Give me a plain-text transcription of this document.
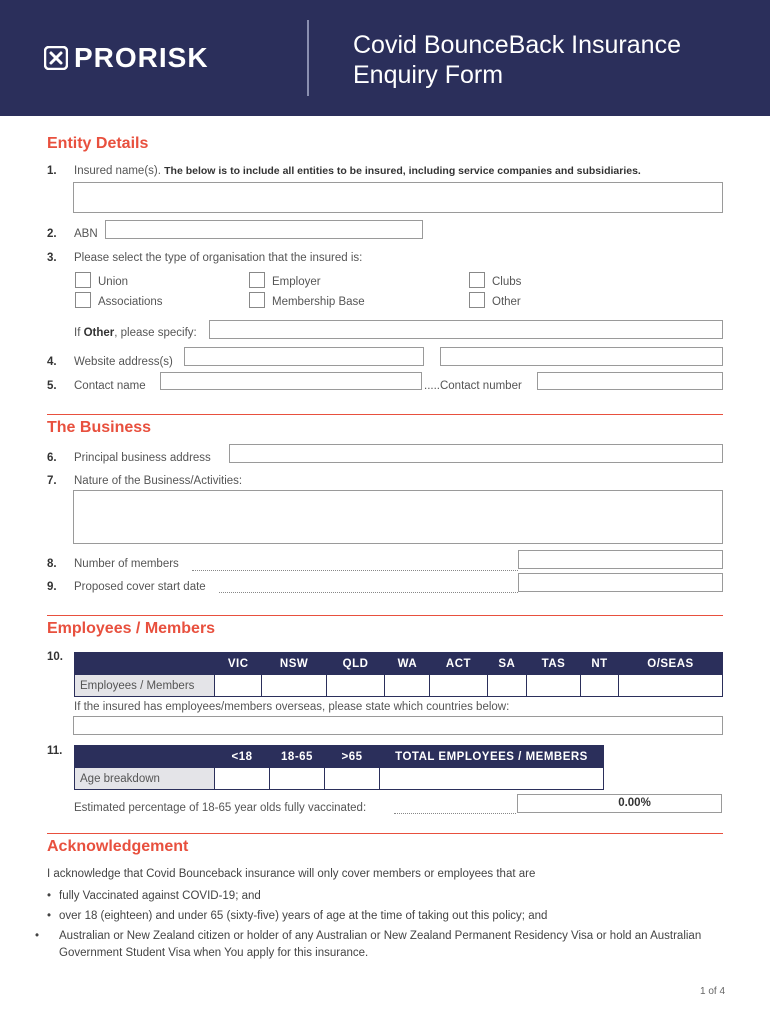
PRORISK	Covid BounceBack Insurance
Enquiry Form
Entity Details
1. Insured name(s). The below is to include all entities to be insured, including service companies and subsidiaries.
2. ABN
3. Please select the type of organisation that the insured is:
Union
Associations
Employer
Membership Base
Clubs
Other
If Other, please specify:
4. Website address(s)
5. Contact name	.....Contact number
The Business
6. Principal business address
7. Nature of the Business/Activities:
8. Number of members
9. Proposed cover start date
Employees / Members
10.
	VIC	NSW	QLD	WA	ACT	SA	TAS	NT	O/SEAS
Employees / Members									
If the insured has employees/members overseas, please state which countries below:
11.
		<18	18-65	>65	TOTAL EMPLOYEES / MEMBERS
Age breakdown				
Estimated percentage of 18-65 year olds fully vaccinated:	0.00%
Acknowledgement
I acknowledge that Covid Bounceback insurance will only cover members or employees that are
• fully Vaccinated against COVID-19; and
• over 18 (eighteen) and under 65 (sixty-five) years of age at the time of taking out this policy; and
• Australian or New Zealand citizen or holder of any Australian or New Zealand Permanent Residency Visa or hold an Australian Government Student Visa when You apply for this insurance.
1 of 4
